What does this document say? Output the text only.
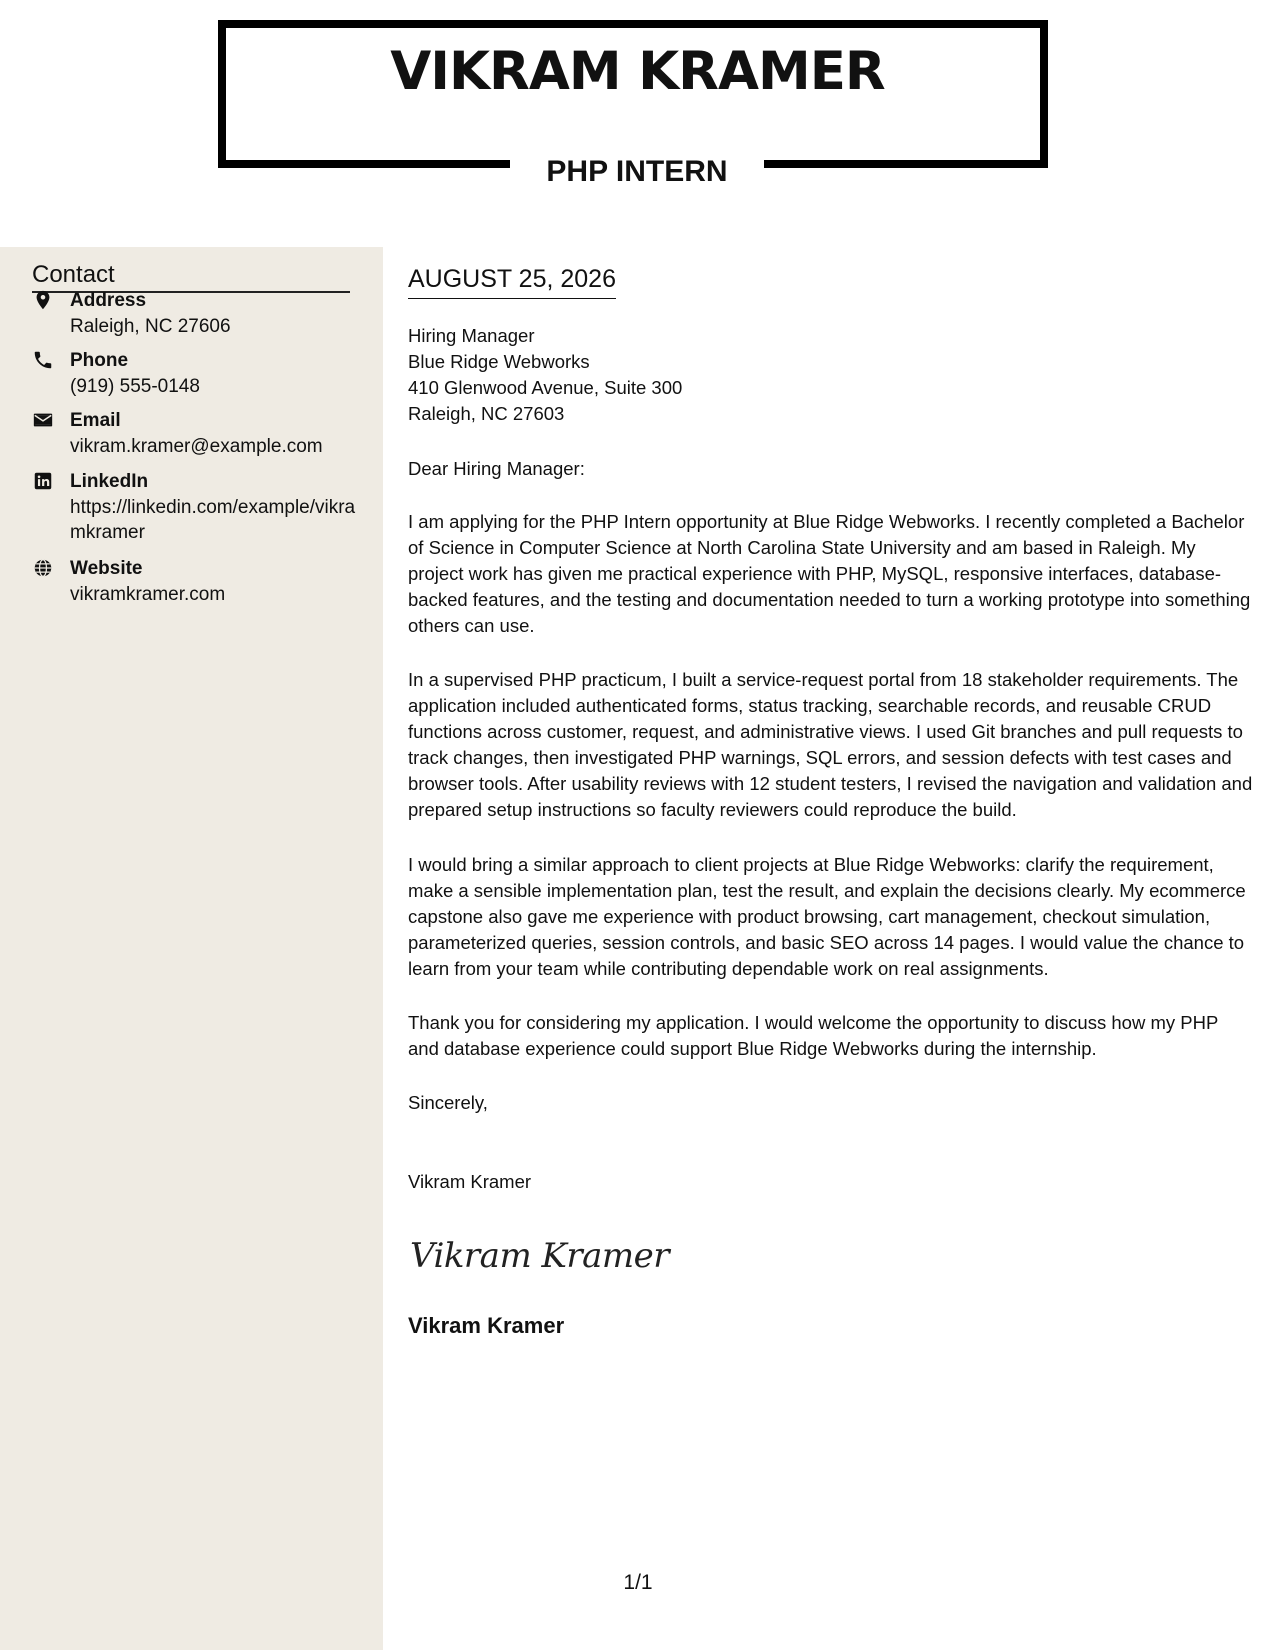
VIKRAM KRAMER
PHP INTERN
Contact
Address
Raleigh, NC 27606
Phone
(919) 555-0148
Email
vikram.kramer@example.com
LinkedIn
https://linkedin.com/example/vikramkramer
Website
vikramkramer.com
AUGUST 25, 2026
Hiring Manager
Blue Ridge Webworks
410 Glenwood Avenue, Suite 300
Raleigh, NC 27603
Dear Hiring Manager:

I am applying for the PHP Intern opportunity at Blue Ridge Webworks. I recently completed a Bachelor of Science in Computer Science at North Carolina State University and am based in Raleigh. My project work has given me practical experience with PHP, MySQL, responsive interfaces, database-backed features, and the testing and documentation needed to turn a working prototype into something others can use.

In a supervised PHP practicum, I built a service-request portal from 18 stakeholder requirements. The application included authenticated forms, status tracking, searchable records, and reusable CRUD functions across customer, request, and administrative views. I used Git branches and pull requests to track changes, then investigated PHP warnings, SQL errors, and session defects with test cases and browser tools. After usability reviews with 12 student testers, I revised the navigation and validation and prepared setup instructions so faculty reviewers could reproduce the build.

I would bring a similar approach to client projects at Blue Ridge Webworks: clarify the requirement, make a sensible implementation plan, test the result, and explain the decisions clearly. My ecommerce capstone also gave me experience with product browsing, cart management, checkout simulation, parameterized queries, session controls, and basic SEO across 14 pages. I would value the chance to learn from your team while contributing dependable work on real assignments.

Thank you for considering my application. I would welcome the opportunity to discuss how my PHP and database experience could support Blue Ridge Webworks during the internship.

Sincerely,
Vikram Kramer
Vikram Kramer
Vikram Kramer
1/1
